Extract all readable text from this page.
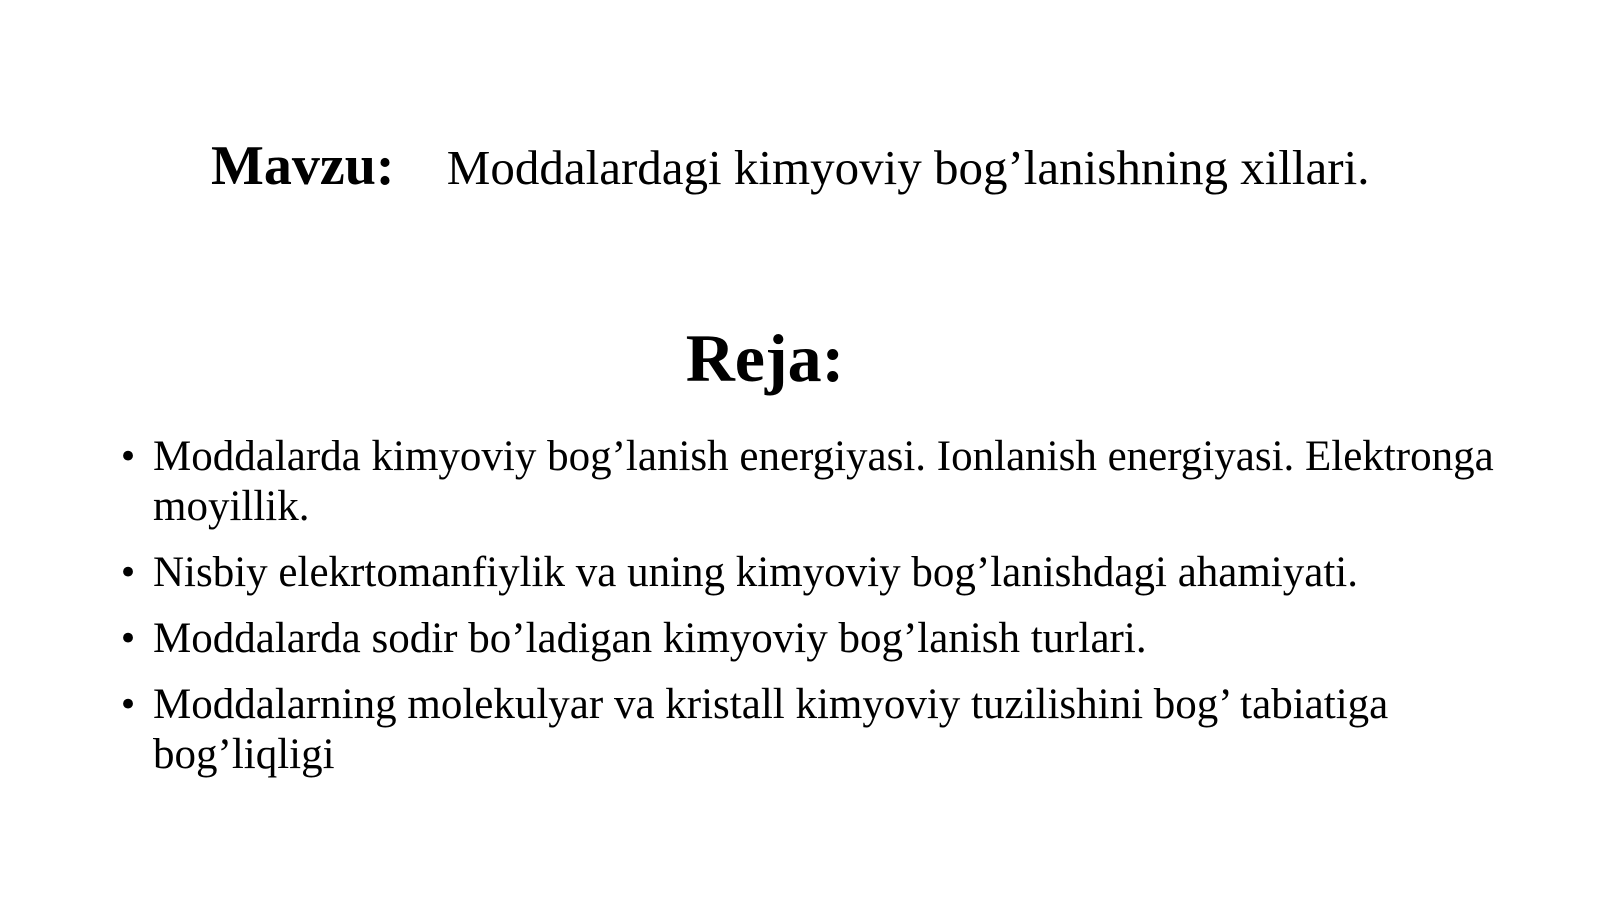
Mavzu: Moddalardagi kimyoviy bog’lanishning xillari.

Reja:
• Moddalarda kimyoviy bog’lanish energiyasi. Ionlanish energiyasi. Elektronga moyillik.
• Nisbiy elekrtomanfiylik va uning kimyoviy bog’lanishdagi ahamiyati.
• Moddalarda sodir bo’ladigan kimyoviy bog’lanish turlari.
• Moddalarning molekulyar va kristall kimyoviy tuzilishini bog’ tabiatiga bog’liqligi
